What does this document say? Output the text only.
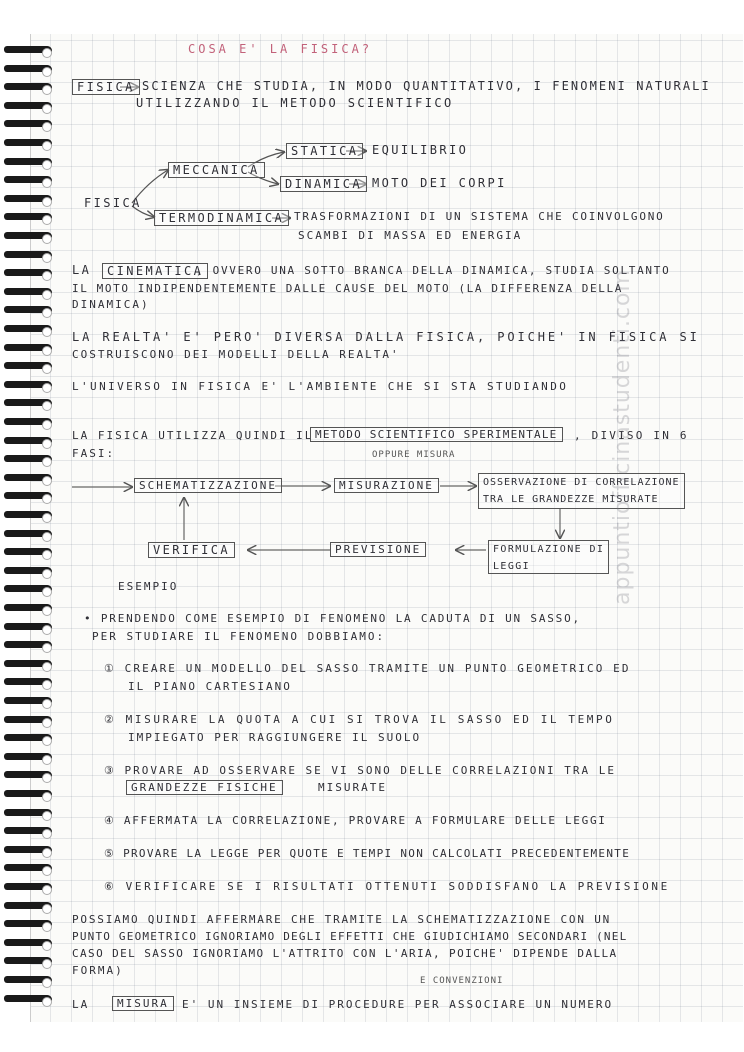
COSA E' LA FISICA?
FISICA SCIENZA CHE STUDIA, IN MODO QUANTITATIVO, I FENOMENI NATURALI
UTILIZZANDO IL METODO SCIENTIFICO
FISICA
MECCANICA
STATICA	EQUILIBRIO
DINAMICA MOTO DEI CORPI
TERMODINAMICA TRASFORMAZIONI DI UN SISTEMA CHE COINVOLGONO
SCAMBI DI MASSA ED ENERGIA
LA	CINEMATICA
, OVVERO UNA SOTTO BRANCA DELLA DINAMICA, STUDIA SOLTANTO
IL MOTO INDIPENDENTEMENTE DALLE CAUSE DEL MOTO (LA DIFFERENZA DELLA
DINAMICA)
LA REALTA' E' PERO' DIVERSA DALLA FISICA, POICHE' IN FISICA SI
COSTRUISCONO DEI MODELLI DELLA REALTA'
L'UNIVERSO IN FISICA E' L'AMBIENTE CHE SI STA STUDIANDO
LA FISICA UTILIZZA QUINDI IL METODO SCIENTIFICO SPERIMENTALE	, DIVISO IN 6
FASI:
SCHEMATIZZAZIONE
OPPURE MISURA
MISURAZIONE	OSSERVAZIONE DI CORRELAZIONE
TRA LE GRANDEZZE MISURATE
FORMULAZIONE DI
LEGGI
PREVISIONE
VERIFICA
ESEMPIO
• PRENDENDO COME ESEMPIO DI FENOMENO LA CADUTA DI UN SASSO,
PER STUDIARE IL FENOMENO DOBBIAMO:
① CREARE UN MODELLO DEL SASSO TRAMITE UN PUNTO GEOMETRICO ED
IL PIANO CARTESIANO
② MISURARE LA QUOTA A CUI SI TROVA IL SASSO ED IL TEMPO
IMPIEGATO PER RAGGIUNGERE IL SUOLO
③ PROVARE AD OSSERVARE SE VI SONO DELLE CORRELAZIONI TRA LE
GRANDEZZE FISICHE	MISURATE
④ AFFERMATA LA CORRELAZIONE, PROVARE A FORMULARE DELLE LEGGI
⑤ PROVARE LA LEGGE PER QUOTE E TEMPI NON CALCOLATI PRECEDENTEMENTE
⑥ VERIFICARE SE I RISULTATI OTTENUTI SODDISFANO LA PREVISIONE
POSSIAMO QUINDI AFFERMARE CHE TRAMITE LA SCHEMATIZZAZIONE CON UN
PUNTO GEOMETRICO IGNORIAMO DEGLI EFFETTI CHE GIUDICHIAMO SECONDARI (NEL
CASO DEL SASSO IGNORIAMO L'ATTRITO CON L'ARIA, POICHE' DIPENDE DALLA
FORMA)
E CONVENZIONI
LA	MISURA	E' UN INSIEME DI PROCEDURE PER ASSOCIARE UN NUMERO
appuntiofficinastudenti.com
